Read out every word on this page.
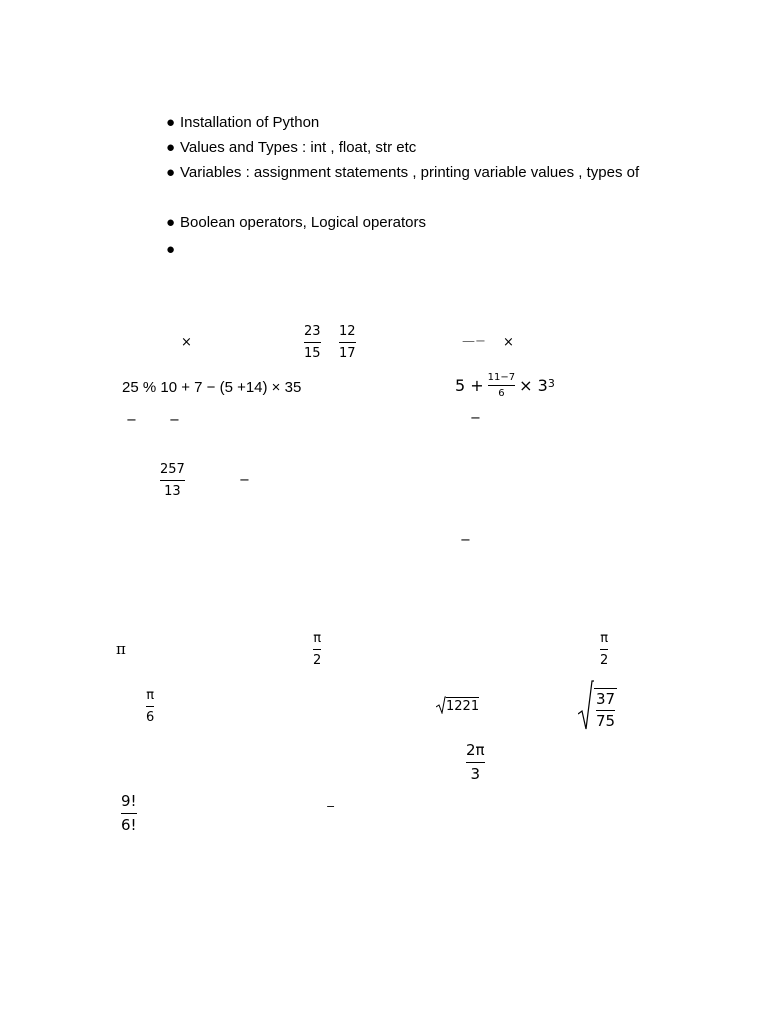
● Installation of Python
● Values and Types : int , float, str etc
● Variables : assignment statements , printing variable values , types of
● Boolean operators, Logical operators
●
×
23
15
12
17
—− ×
25 % 10 + 7 − (5 +14) × 35	5 + 11−7
$6 \times 3^3$
− −	−
257
13
−
−
π
π
2
π
2
π
6
1221	37
75
2π
3
9!
6!
−
